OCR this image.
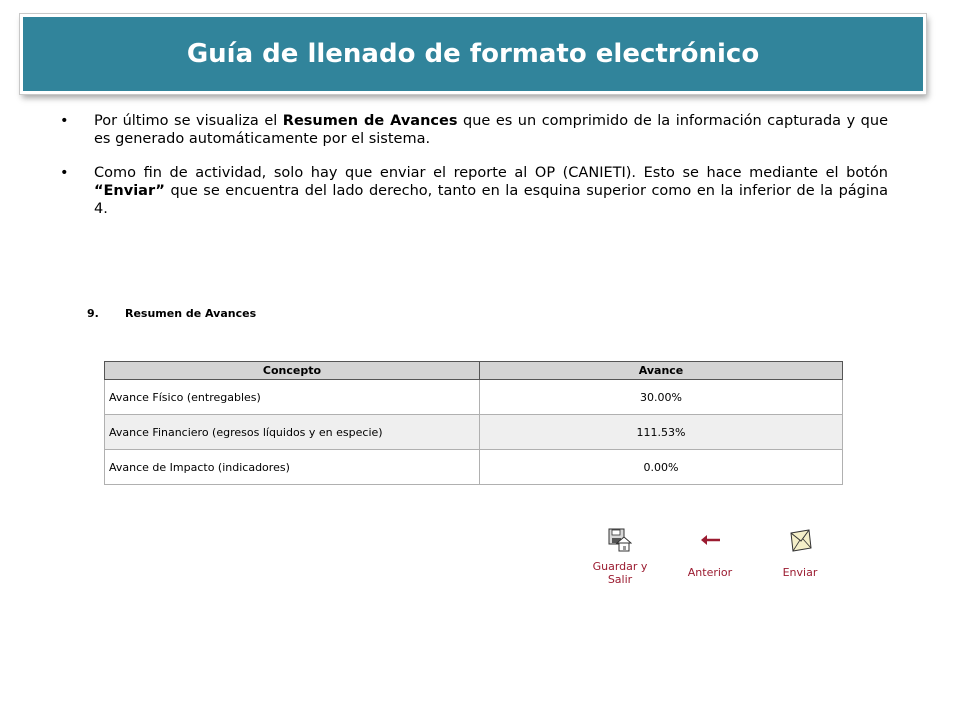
Guía de llenado de formato electrónico
• Por último se visualiza el Resumen de Avances que es un comprimido de la información capturada y que es generado automáticamente por el sistema.
• Como fin de actividad, solo hay que enviar el reporte al OP (CANIETI). Esto se hace mediante el botón “Enviar” que se encuentra del lado derecho, tanto en la esquina superior como en la inferior de la página 4.
9. Resumen de Avances
Concepto	Avance
Avance Físico (entregables)	30.00%
Avance Financiero (egresos líquidos y en especie)	111.53%
Avance de Impacto (indicadores)	0.00%
Guardar y
Salir
Anterior	Enviar
